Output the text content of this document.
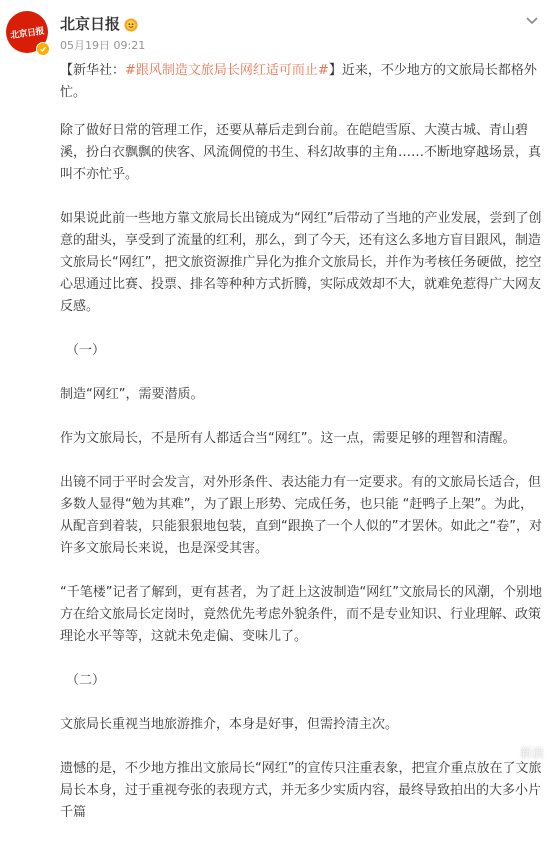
北京日报
北京日报
05月19日 09:21

【新华社：#跟风制造文旅局长网红适可而止#】近来，不少地方的文旅局长都格外忙。

除了做好日常的管理工作，还要从幕后走到台前。在皑皑雪原、大漠古城、青山碧溪，扮白衣飘飘的侠客、风流倜傥的书生、科幻故事的主角……不断地穿越场景，真叫不亦忙乎。

如果说此前一些地方靠文旅局长出镜成为“网红”后带动了当地的产业发展，尝到了创意的甜头，享受到了流量的红利，那么，到了今天，还有这么多地方盲目跟风，制造文旅局长“网红”，把文旅资源推广异化为推介文旅局长，并作为考核任务硬做，挖空心思通过比赛、投票、排名等种种方式折腾，实际成效却不大，就难免惹得广大网友反感。

（一）

制造“网红”，需要潜质。

作为文旅局长，不是所有人都适合当“网红”。这一点，需要足够的理智和清醒。

出镜不同于平时会发言，对外形条件、表达能力有一定要求。有的文旅局长适合，但多数人显得“勉为其难”，为了跟上形势、完成任务，也只能 “赶鸭子上架”。为此，从配音到着装，只能狠狠地包装，直到“跟换了一个人似的”才罢休。如此之“卷”，对许多文旅局长来说，也是深受其害。

“千笔楼”记者了解到，更有甚者，为了赶上这波制造“网红”文旅局长的风潮，个别地方在给文旅局长定岗时，竟然优先考虑外貌条件，而不是专业知识、行业理解、政策理论水平等等，这就未免走偏、变味儿了。

（二）

文旅局长重视当地旅游推介，本身是好事，但需拎清主次。

遗憾的是，不少地方推出文旅局长“网红”的宣传只注重表象，把宣介重点放在了文旅局长本身，过于重视夸张的表现方式，并无多少实质内容，最终导致拍出的大多小片千篇

新浪
